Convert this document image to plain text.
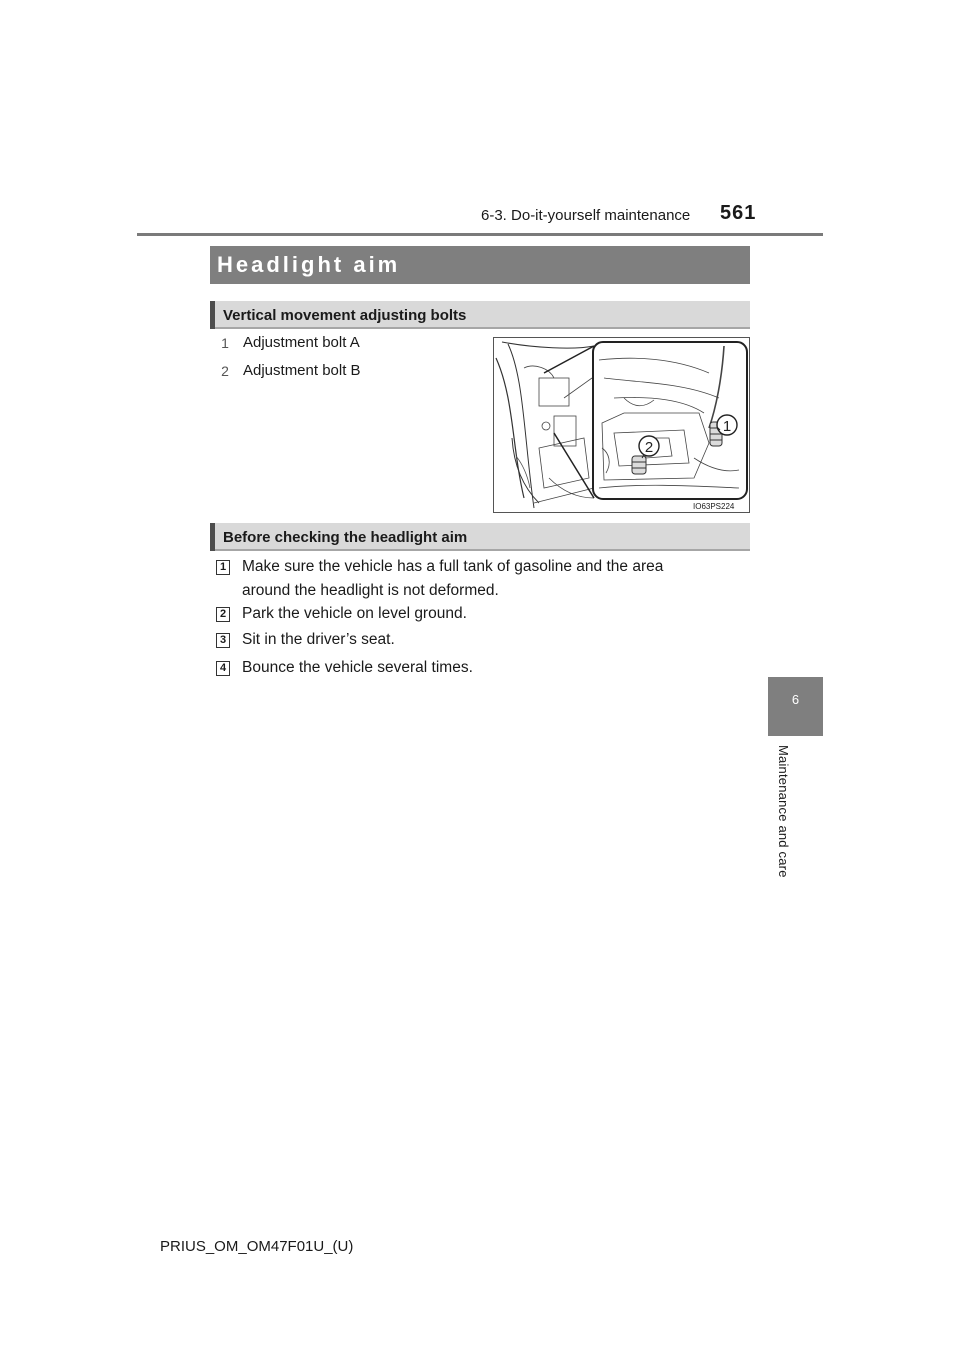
6-3. Do-it-yourself maintenance 561
6
Maintenance and care
Headlight aim
Vertical movement adjusting bolts
1 Adjustment bolt A
2 Adjustment bolt B
1
2
IO63PS224
Before checking the headlight aim
1 Make sure the vehicle has a full tank of gasoline and the area
around the headlight is not deformed.
2 Park the vehicle on level ground.
3 Sit in the driver’s seat.
4 Bounce the vehicle several times.
PRIUS_OM_OM47F01U_(U)
